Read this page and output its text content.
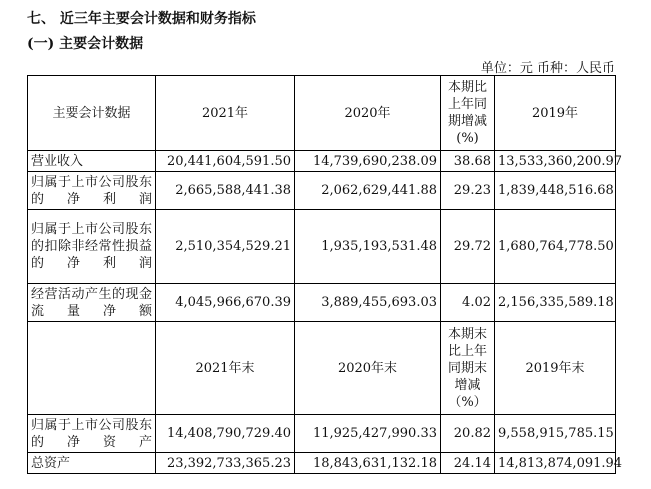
七、 近三年主要会计数据和财务指标
(一) 主要会计数据
单位：元 币种：人民币
主要会计数据	2021年	2020年	本期比上年同期增减(%)	2019年
营业收入	20,441,604,591.50	14,739,690,238.09	38.68	13,533,360,200.97
归属于上市公司股东的净利润	2,665,588,441.38	2,062,629,441.88	29.23	1,839,448,516.68
归属于上市公司股东的扣除非经常性损益的净利润	2,510,354,529.21	1,935,193,531.48	29.72	1,680,764,778.50
经营活动产生的现金流量净额	4,045,966,670.39	3,889,455,693.03	4.02	2,156,335,589.18
	2021年末	2020年末	本期末比上年同期末增减（%）	2019年末
归属于上市公司股东的净资产	14,408,790,729.40	11,925,427,990.33	20.82	9,558,915,785.15
总资产	23,392,733,365.23	18,843,631,132.18	24.14	14,813,874,091.94
